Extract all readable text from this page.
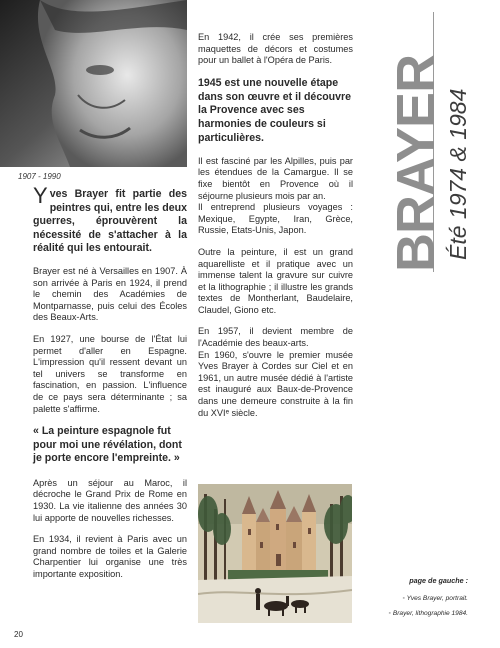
1907 - 1990
Yves Brayer fit partie des peintres qui, entre les deux guerres, éprouvèrent la nécessité de s'attacher à la réalité qui les entourait.
Brayer est né à Versailles en 1907. À son arrivée à Paris en 1924, il prend le chemin des Académies de Montparnasse, puis celui des Écoles des Beaux-Arts.
En 1927, une bourse de l'État lui permet d'aller en Espagne. L'impression qu'il ressent devant un tel univers se transforme en fascination, en passion. L'influence de ce pays sera déterminante ; sa palette s'affirme.
« La peinture espagnole fut pour moi une révélation, dont je porte encore l'empreinte. »
Après un séjour au Maroc, il décroche le Grand Prix de Rome en 1930. La vie italienne des années 30 lui apporte de nouvelles richesses.
En 1934, il revient à Paris avec un grand nombre de toiles et la Galerie Charpentier lui organise une très importante exposition.
En 1942, il crée ses premières maquettes de décors et costumes pour un ballet à l'Opéra de Paris.
1945 est une nouvelle étape dans son œuvre et il découvre la Provence avec ses harmonies de couleurs si particulières.
Il est fasciné par les Alpilles, puis par les étendues de la Camargue. Il se fixe bientôt en Provence où il séjourne plusieurs mois par an.
Il entreprend plusieurs voyages : Mexique, Egypte, Iran, Grèce, Russie, Etats-Unis, Japon.
Outre la peinture, il est un grand aquarelliste et il pratique avec un immense talent la gravure sur cuivre et la lithographie ; il illustre les grands textes de Montherlant, Baudelaire, Claudel, Giono etc.
En 1957, il devient membre de l'Académie des beaux-arts.
En 1960, s'ouvre le premier musée Yves Brayer à Cordes sur Ciel et en 1961, un autre musée dédié à l'artiste est inauguré aux Baux-de-Provence dans une demeure construite à la fin du XVIᵉ siècle.
BRAYER Été 1974 & 1984
page de gauche :
◦ Yves Brayer, portrait.
◦ Brayer, lithographie 1984.
20
